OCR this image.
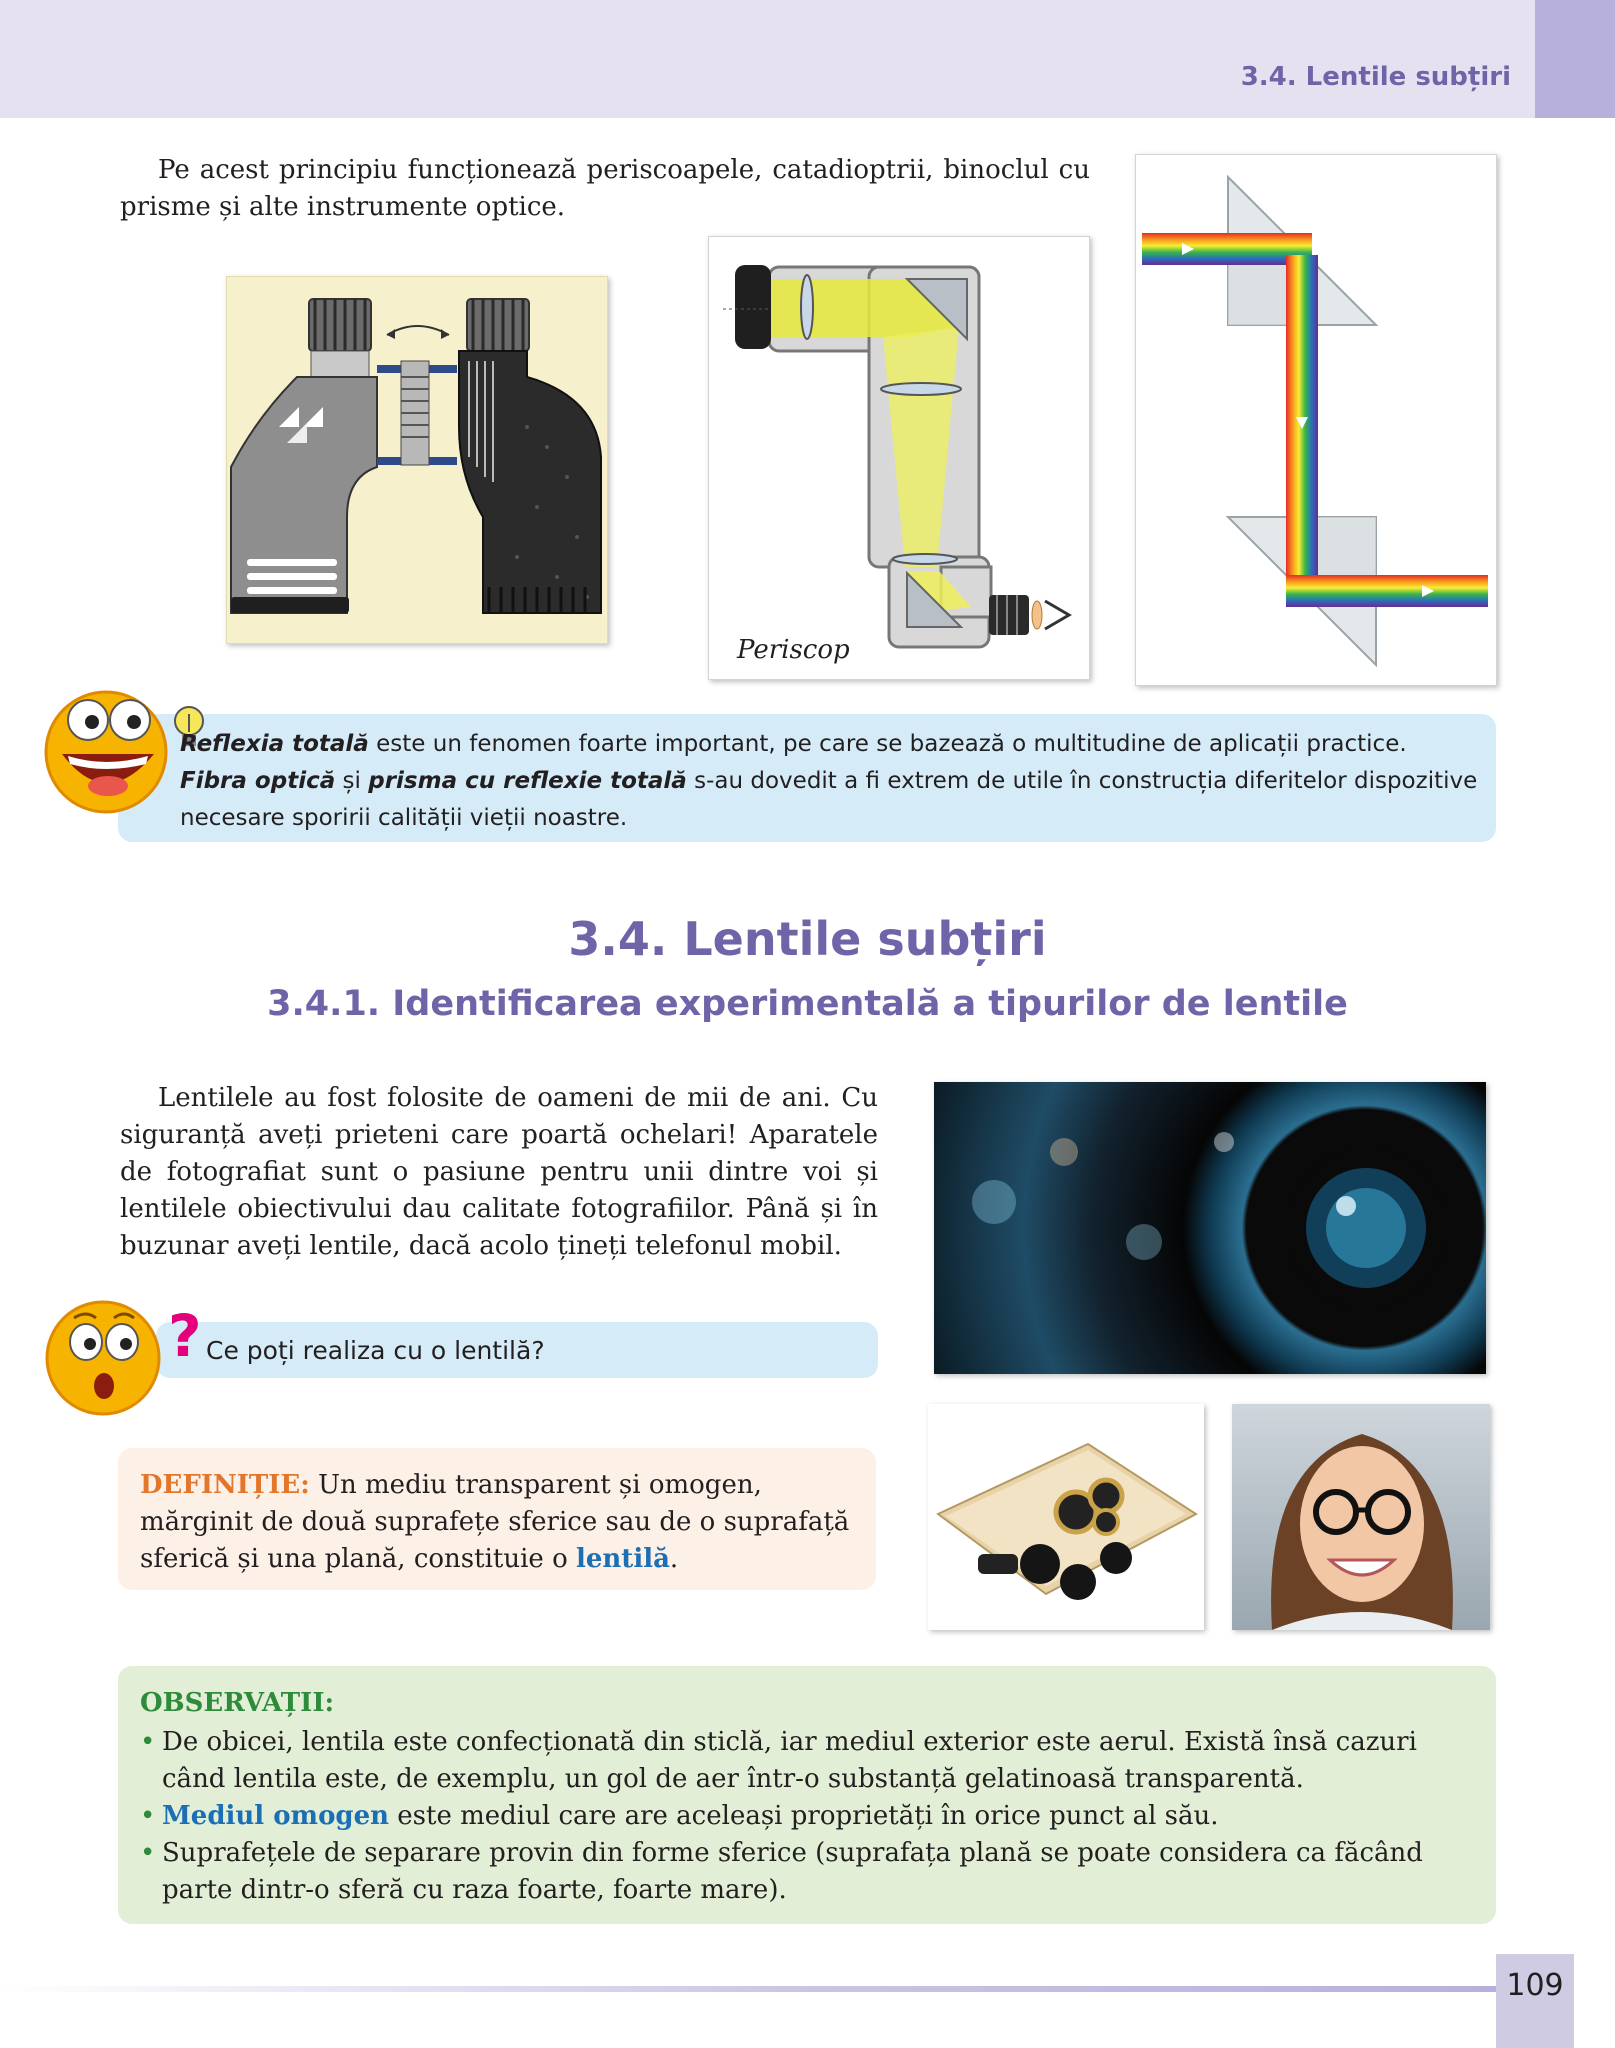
3.4. Lentile subțiri

Pe acest principiu funcționează periscoapele, catadioptrii, binoclul cu prisme și alte instrumente optice.

Periscop

Reflexia totală este un fenomen foarte important, pe care se bazează o multitudine de aplicații practice. Fibra optică și prisma cu reflexie totală s-au dovedit a fi extrem de utile în construcția diferitelor dispozitive necesare sporirii calității vieții noastre.

3.4. Lentile subțiri
3.4.1. Identificarea experimentală a tipurilor de lentile

Lentilele au fost folosite de oameni de mii de ani. Cu siguranță aveți prieteni care poartă ochelari! Aparatele de fotografiat sunt o pasiune pentru unii dintre voi și lentilele obiectivului dau calitate fotografiilor. Până și în buzunar aveți lentile, dacă acolo țineți telefonul mobil.

? Ce poți realiza cu o lentilă?

DEFINIȚIE: Un mediu transparent și omogen, mărginit de două suprafețe sferice sau de o suprafață sferică și una plană, constituie o lentilă.

OBSERVAȚII:
• De obicei, lentila este confecționată din sticlă, iar mediul exterior este aerul. Există însă cazuri când lentila este, de exemplu, un gol de aer într-o substanță gelatinoasă transparentă.
• Mediul omogen este mediul care are aceleași proprietăți în orice punct al său.
• Suprafețele de separare provin din forme sferice (suprafața plană se poate considera ca făcând parte dintr-o sferă cu raza foarte, foarte mare).
109
